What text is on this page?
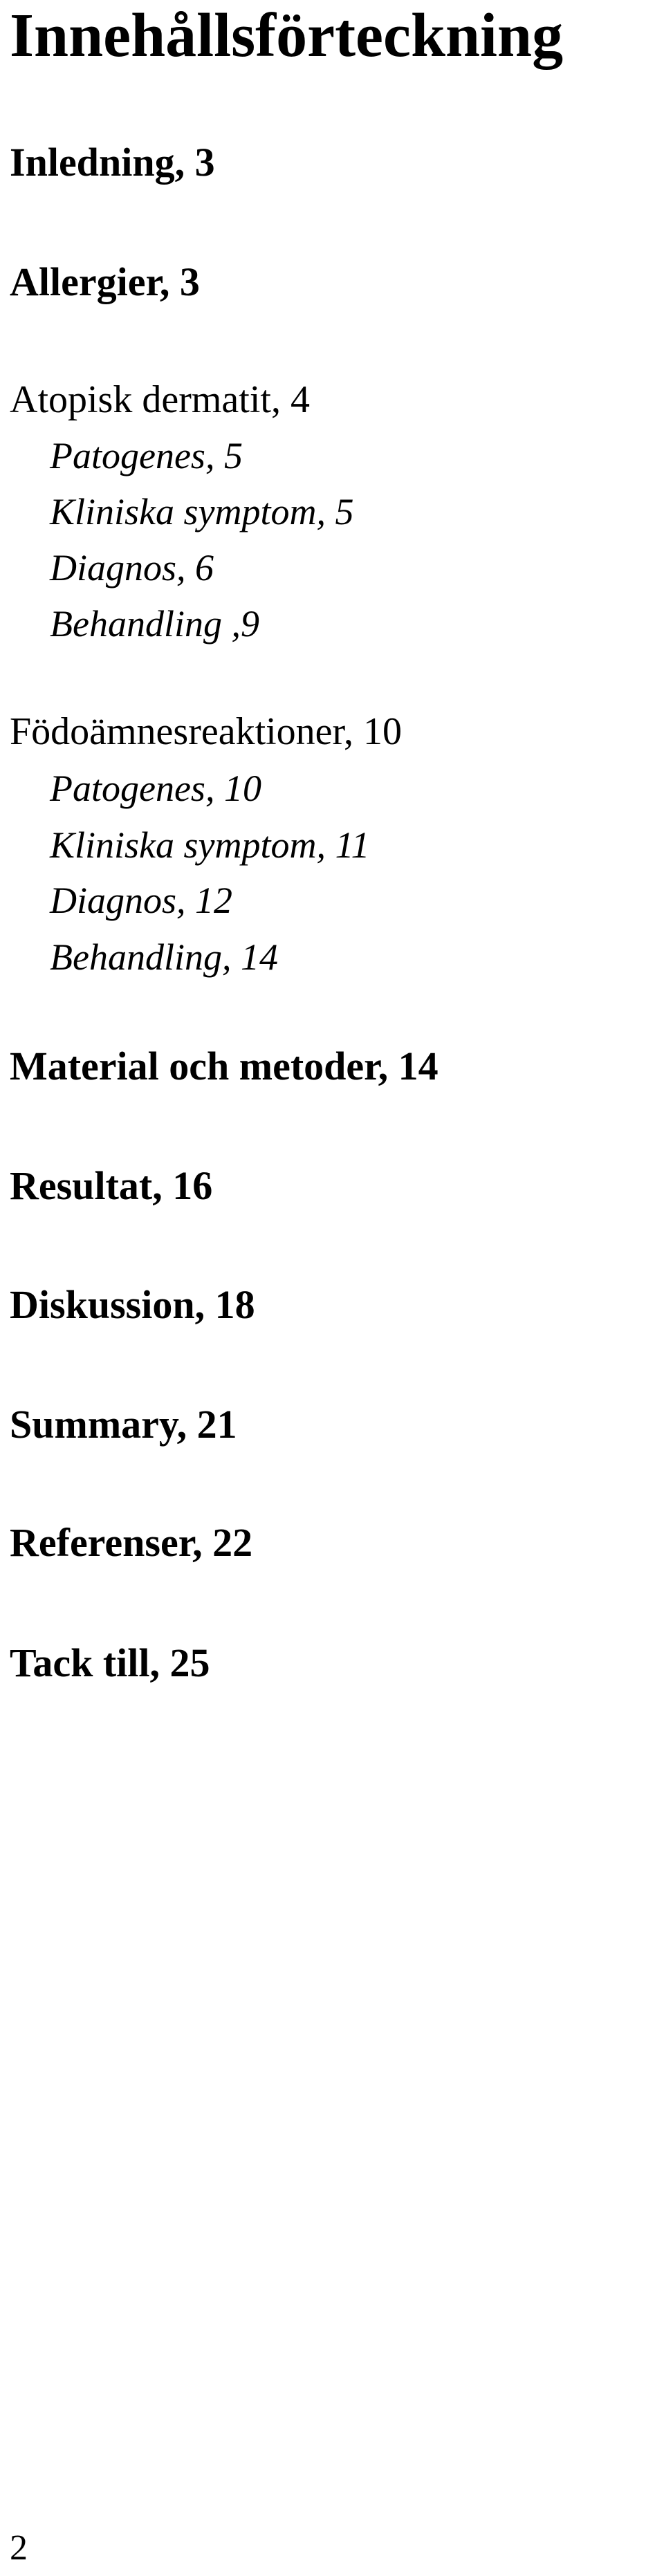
Innehållsförteckning
Inledning, 3
Allergier, 3
Atopisk dermatit, 4
Patogenes, 5
Kliniska symptom, 5
Diagnos, 6
Behandling ,9
Födoämnesreaktioner, 10
Patogenes, 10
Kliniska symptom, 11
Diagnos, 12
Behandling, 14
Material och metoder, 14
Resultat, 16
Diskussion, 18
Summary, 21
Referenser, 22
Tack till, 25
2
